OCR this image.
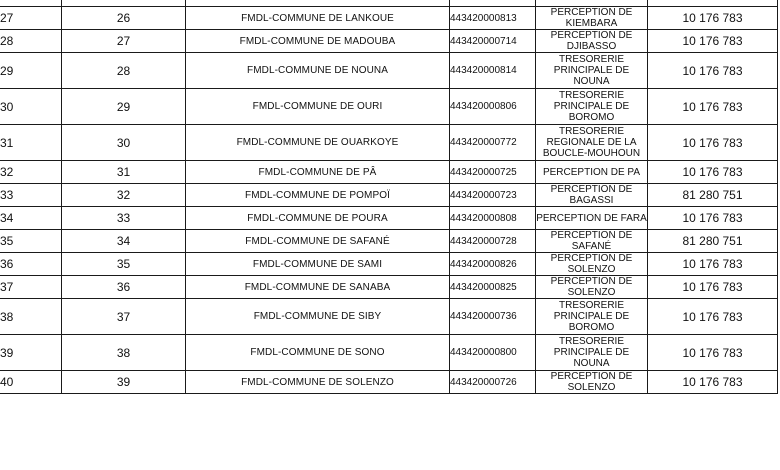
27	26	FMDL-COMMUNE DE LANKOUE	443420000813	PERCEPTION DE
KIEMBARA	10 176 783
28	27	FMDL-COMMUNE DE MADOUBA	443420000714	PERCEPTION DE
DJIBASSO	10 176 783
29	28	FMDL-COMMUNE DE NOUNA	443420000814	TRESORERIE
PRINCIPALE DE
NOUNA	10 176 783
30	29	FMDL-COMMUNE DE OURI	443420000806	TRESORERIE
PRINCIPALE DE
BOROMO	10 176 783
31	30	FMDL-COMMUNE DE OUARKOYE	443420000772	TRESORERIE
REGIONALE DE LA
BOUCLE-MOUHOUN	10 176 783
32	31	FMDL-COMMUNE DE PÂ	443420000725	PERCEPTION DE PA	10 176 783
33	32	FMDL-COMMUNE DE POMPOÏ	443420000723	PERCEPTION DE
BAGASSI	81 280 751
34	33	FMDL-COMMUNE DE POURA	443420000808	PERCEPTION DE FARA	10 176 783
35	34	FMDL-COMMUNE DE SAFANÉ	443420000728	PERCEPTION DE
SAFANÉ	81 280 751
36	35	FMDL-COMMUNE DE SAMI	443420000826	PERCEPTION DE
SOLENZO	10 176 783
37	36	FMDL-COMMUNE DE SANABA	443420000825	PERCEPTION DE
SOLENZO	10 176 783
38	37	FMDL-COMMUNE DE SIBY	443420000736	TRESORERIE
PRINCIPALE DE
BOROMO	10 176 783
39	38	FMDL-COMMUNE DE SONO	443420000800	TRESORERIE
PRINCIPALE DE
NOUNA	10 176 783
40	39	FMDL-COMMUNE DE SOLENZO	443420000726	PERCEPTION DE
SOLENZO	10 176 783
